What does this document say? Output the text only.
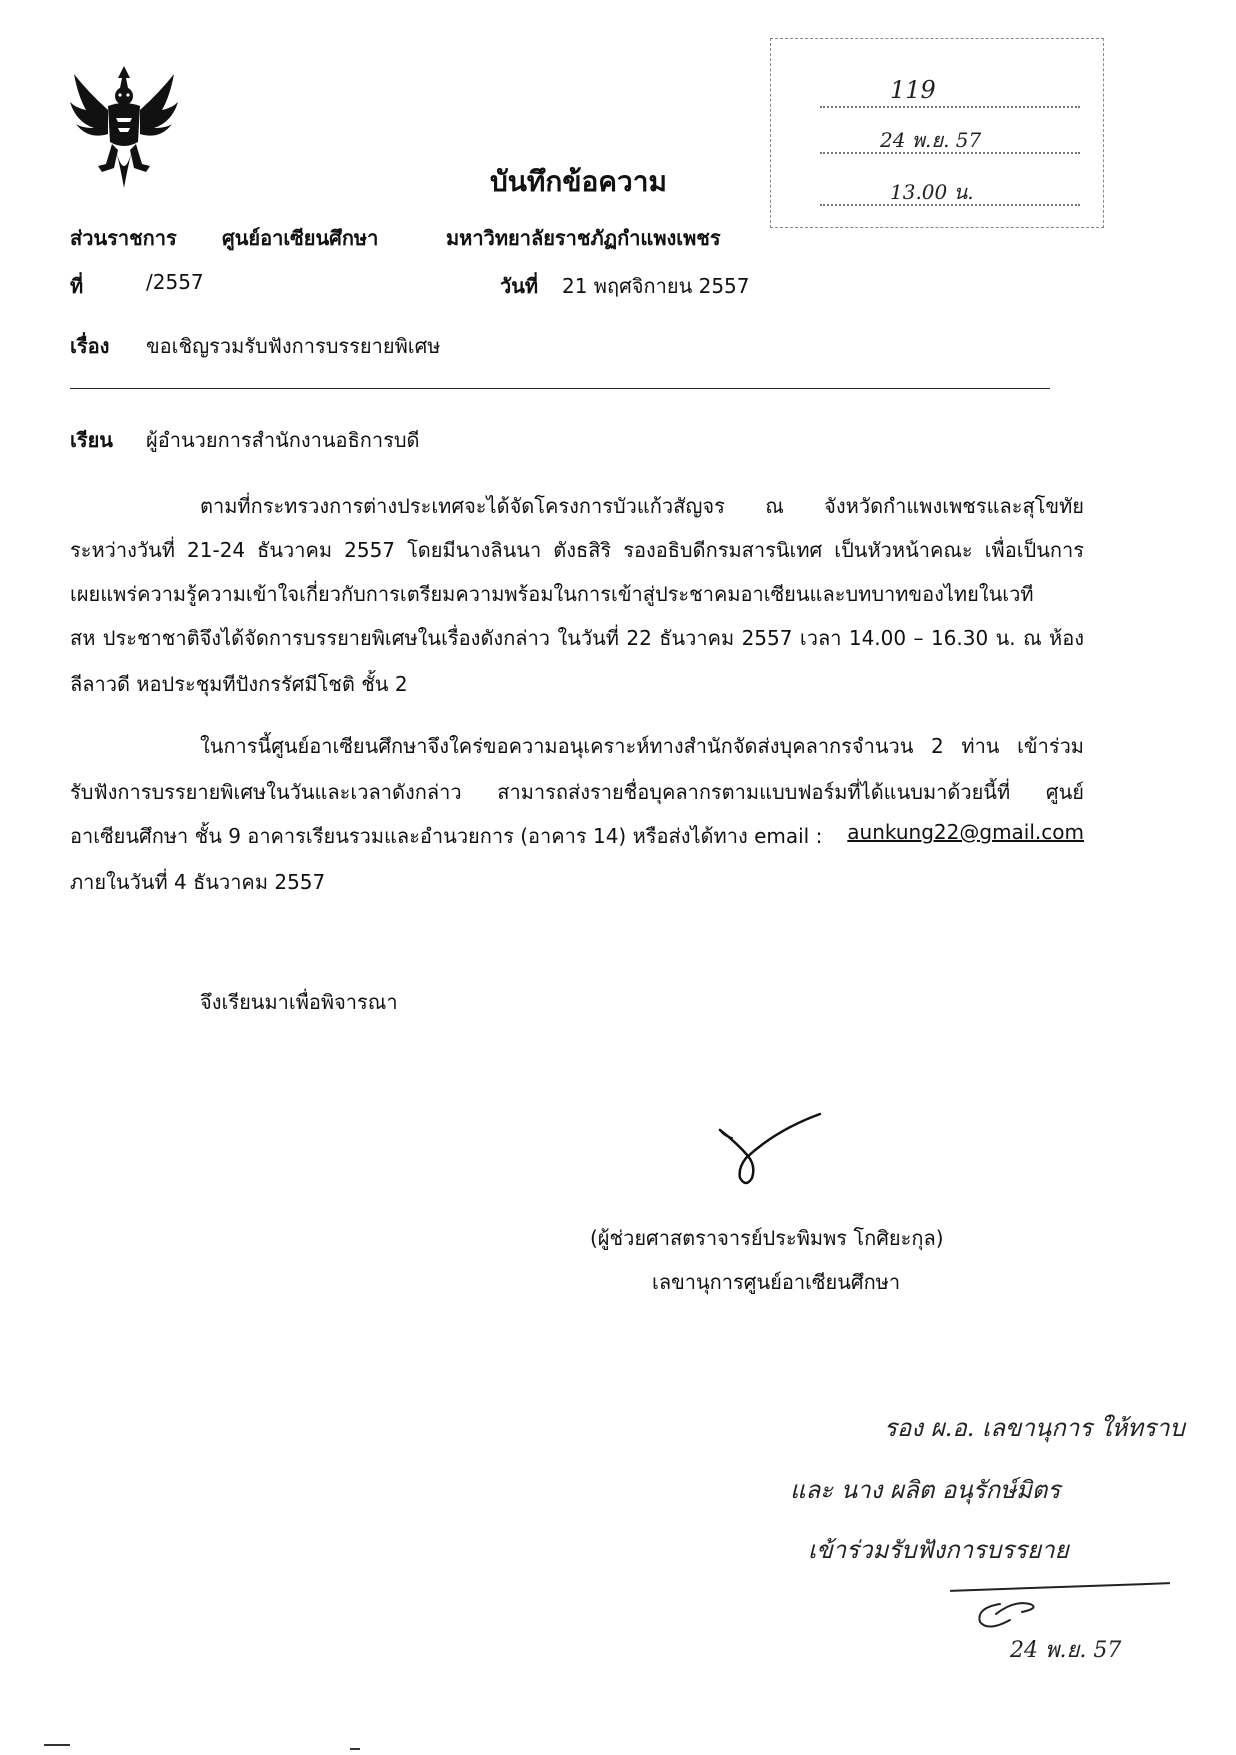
119
24 พ.ย. 57
13.00 น.
บันทึกข้อความ
ส่วนราชการ ศูนย์อาเซียนศึกษา	มหาวิทยาลัยราชภัฏกำแพงเพชร
ที่	/2557	วันที่ 21 พฤศจิกายน 2557
เรื่อง ขอเชิญรวมรับฟังการบรรยายพิเศษ
เรียน ผู้อำนวยการสำนักงานอธิการบดี
ตามที่กระทรวงการต่างประเทศจะได้จัดโครงการบัวแก้วสัญจร ณ จังหวัดกำแพงเพชรและสุโขทัย
ระหว่างวันที่ 21-24 ธันวาคม 2557 โดยมีนางลินนา ตังธสิริ รองอธิบดีกรมสารนิเทศ เป็นหัวหน้าคณะ เพื่อเป็นการ
เผยแพร่ความรู้ความเข้าใจเกี่ยวกับการเตรียมความพร้อมในการเข้าสู่ประชาคมอาเซียนและบทบาทของไทยในเวที
สห ประชาชาติจึงได้จัดการบรรยายพิเศษในเรื่องดังกล่าว ในวันที่ 22 ธันวาคม 2557 เวลา 14.00 – 16.30 น. ณ ห้อง
ลีลาวดี หอประชุมทีปังกรรัศมีโชติ ชั้น 2
ในการนี้ศูนย์อาเซียนศึกษาจึงใคร่ขอความอนุเคราะห์ทางสำนักจัดส่งบุคลากรจำนวน 2 ท่าน เข้าร่วม
รับฟังการบรรยายพิเศษในวันและเวลาดังกล่าว สามารถส่งรายชื่อบุคลากรตามแบบฟอร์มที่ได้แนบมาด้วยนี้ที่ ศูนย์
อาเซียนศึกษา ชั้น 9 อาคารเรียนรวมและอำนวยการ (อาคาร 14) หรือส่งได้ทาง email : aunkung22@gmail.com
ภายในวันที่ 4 ธันวาคม 2557
จึงเรียนมาเพื่อพิจารณา
(ผู้ช่วยศาสตราจารย์ประพิมพร โกศิยะกุล)
เลขานุการศูนย์อาเซียนศึกษา
รอง ผ.อ. เลขานุการ ให้ทราบ
และ นาง ผลิต อนุรักษ์มิตร
เข้าร่วมรับฟังการบรรยาย
24 พ.ย. 57
